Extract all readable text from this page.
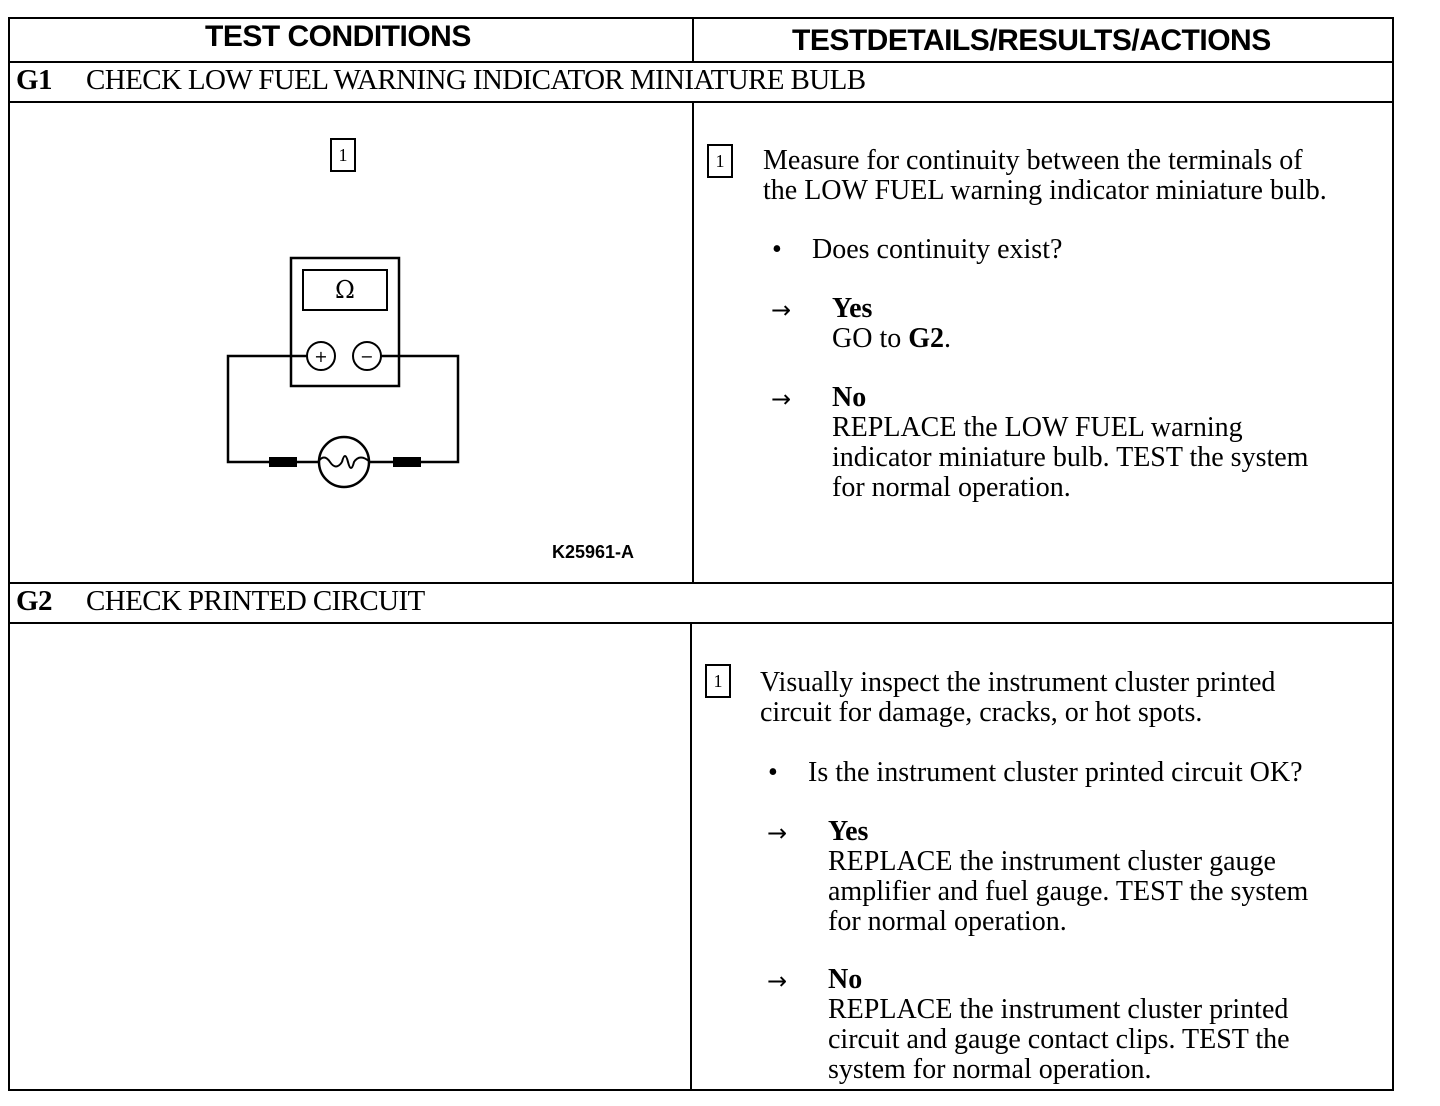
TEST CONDITIONS	TESTDETAILS/RESULTS/ACTIONS
G1 CHECK LOW FUEL WARNING INDICATOR MINIATURE BULB
1
Ω
+ −
K25961-A
1	Measure for continuity between the terminals of
the LOW FUEL warning indicator miniature bulb.
• Does continuity exist?
→ Yes
GO to G2.
→ No
REPLACE the LOW FUEL warning
indicator miniature bulb. TEST the system
for normal operation.
G2 CHECK PRINTED CIRCUIT
1	Visually inspect the instrument cluster printed
circuit for damage, cracks, or hot spots.
• Is the instrument cluster printed circuit OK?
→ Yes
REPLACE the instrument cluster gauge
amplifier and fuel gauge. TEST the system
for normal operation.
→ No
REPLACE the instrument cluster printed
circuit and gauge contact clips. TEST the
system for normal operation.
